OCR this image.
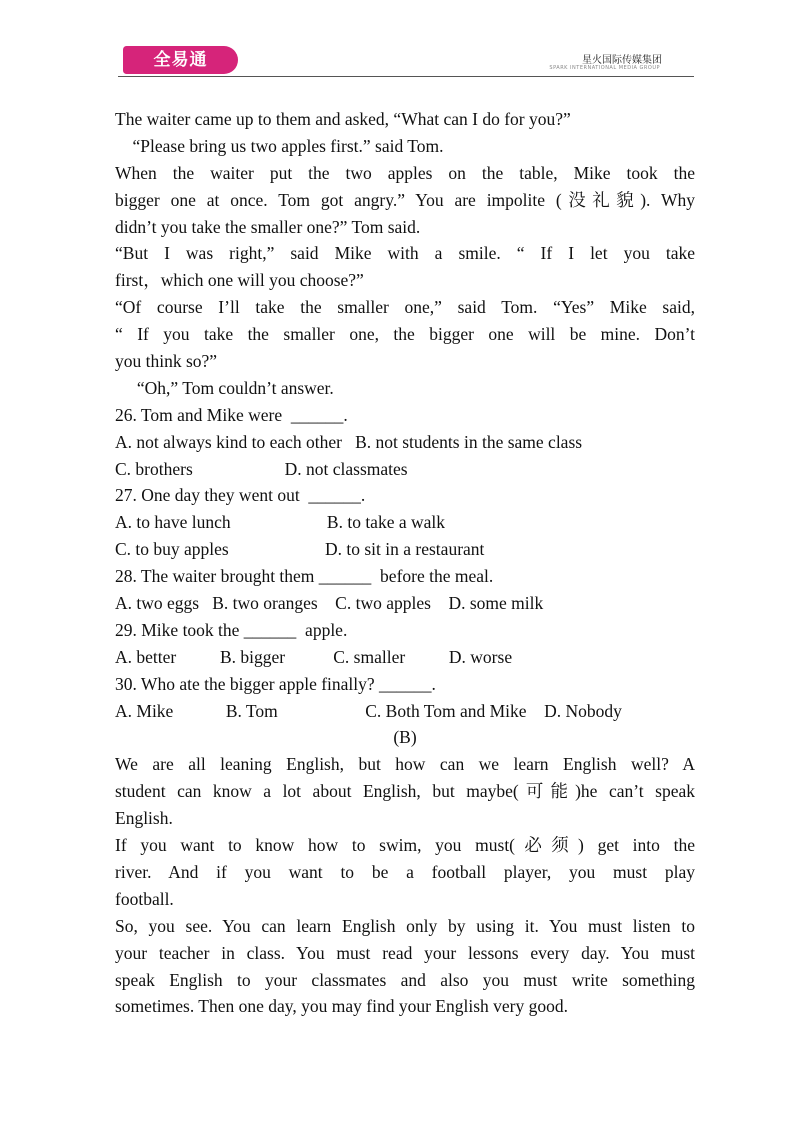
全易通	星火国际传媒集团
SPARK INTERNATIONAL MEDIA GROUP
The waiter came up to them and asked, “What can I do for you?”
“Please bring us two apples first.” said Tom.
When the waiter put the two apples on the table, Mike took the
bigger one at once. Tom got angry.” You are impolite (没礼貌). Why
didn’t you take the smaller one?” Tom said.
“But I was right,” said Mike with a smile. “ If I let you take
first，which one will you choose?”
“Of course I’ll take the smaller one,” said Tom. “Yes” Mike said,
“ If you take the smaller one, the bigger one will be mine. Don’t
you think so?”
“Oh,” Tom couldn’t answer.
26. Tom and Mike were  ______.
A. not always kind to each other   B. not students in the same class
C. brothers                     D. not classmates
27. One day they went out  ______.
A. to have lunch                      B. to take a walk
C. to buy apples                      D. to sit in a restaurant
28. The waiter brought them ______  before the meal.
A. two eggs   B. two oranges    C. two apples    D. some milk
29. Mike took the ______  apple.
A. better          B. bigger           C. smaller          D. worse
30. Who ate the bigger apple finally? ______.
A. Mike            B. Tom                    C. Both Tom and Mike    D. Nobody
(B)
We are all leaning English, but how can we learn English well? A
student can know a lot about English, but maybe(可能)he can’t speak
English.
If you want to know how to swim, you must(必须) get into the
river. And if you want to be a football player, you must play
football.
So, you see. You can learn English only by using it. You must listen to
your teacher in class. You must read your lessons every day. You must
speak English to your classmates and also you must write something
sometimes. Then one day, you may find your English very good.
